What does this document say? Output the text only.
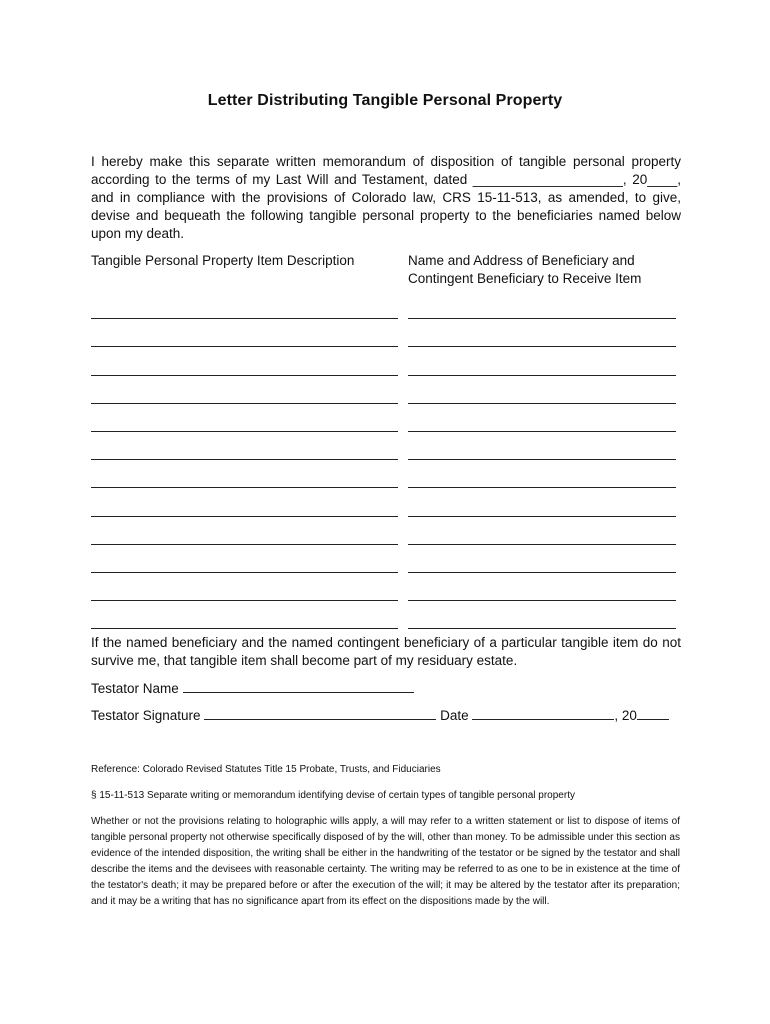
Letter Distributing Tangible Personal Property
I hereby make this separate written memorandum of disposition of tangible personal property according to the terms of my Last Will and Testament, dated ____________________, 20____, and in compliance with the provisions of Colorado law, CRS 15-11-513, as amended, to give, devise and bequeath the following tangible personal property to the beneficiaries named below upon my death.
Tangible Personal Property Item Description	Name and Address of Beneficiary and Contingent Beneficiary to Receive Item
If the named beneficiary and the named contingent beneficiary of a particular tangible item do not survive me, that tangible item shall become part of my residuary estate.
Testator Name
Testator Signature	Date	, 20
Reference: Colorado Revised Statutes Title 15 Probate, Trusts, and Fiduciaries
§ 15-11-513 Separate writing or memorandum identifying devise of certain types of tangible personal property
Whether or not the provisions relating to holographic wills apply, a will may refer to a written statement or list to dispose of items of tangible personal property not otherwise specifically disposed of by the will, other than money. To be admissible under this section as evidence of the intended disposition, the writing shall be either in the handwriting of the testator or be signed by the testator and shall describe the items and the devisees with reasonable certainty. The writing may be referred to as one to be in existence at the time of the testator's death; it may be prepared before or after the execution of the will; it may be altered by the testator after its preparation; and it may be a writing that has no significance apart from its effect on the dispositions made by the will.
